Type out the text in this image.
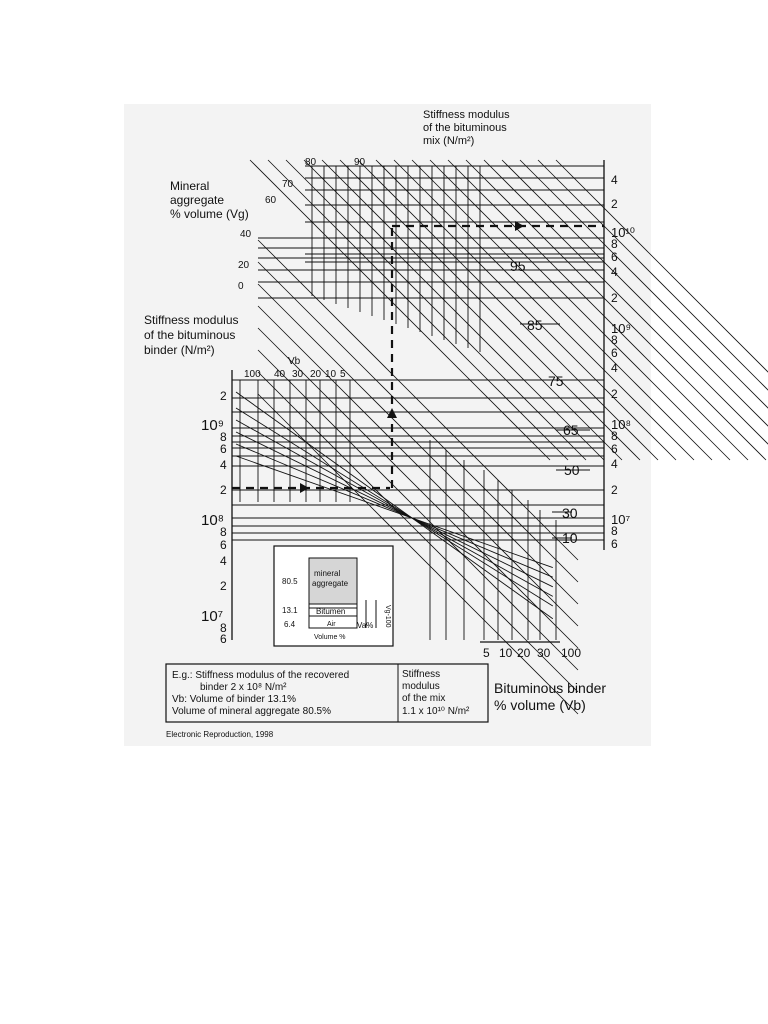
Stiffness modulus
of the bituminous
mix (N/m²)
4
2
10¹⁰
8
6
4
2
10⁹
8
6
4
2
10⁸
8
6
4
2
10⁷
8
6
Mineral
aggregate
% volume (Vg)
80	90
70
60
40
20
0
Stiffness modulus
of the bituminous
binder (N/m²)
2
10⁹
8
6
4
2
10⁸
8
6
4
2
10⁷
8
6
Vb
100 40 30 20 10 5
95
85
75
65
50
30
10
5 10 20 30 100
Bituminous binder
% volume (Vb)
mineral
aggregate
Bitumen
Air
80.5
13.1
6.4
Volume %
Va% Vg-100
E.g.: Stiffness modulus of the recovered
binder 2 x 10⁸ N/m²
Vb: Volume of binder 13.1%
Volume of mineral aggregate 80.5%
Stiffness
modulus
of the mix
1.1 x 10¹⁰ N/m²
Electronic Reproduction, 1998
